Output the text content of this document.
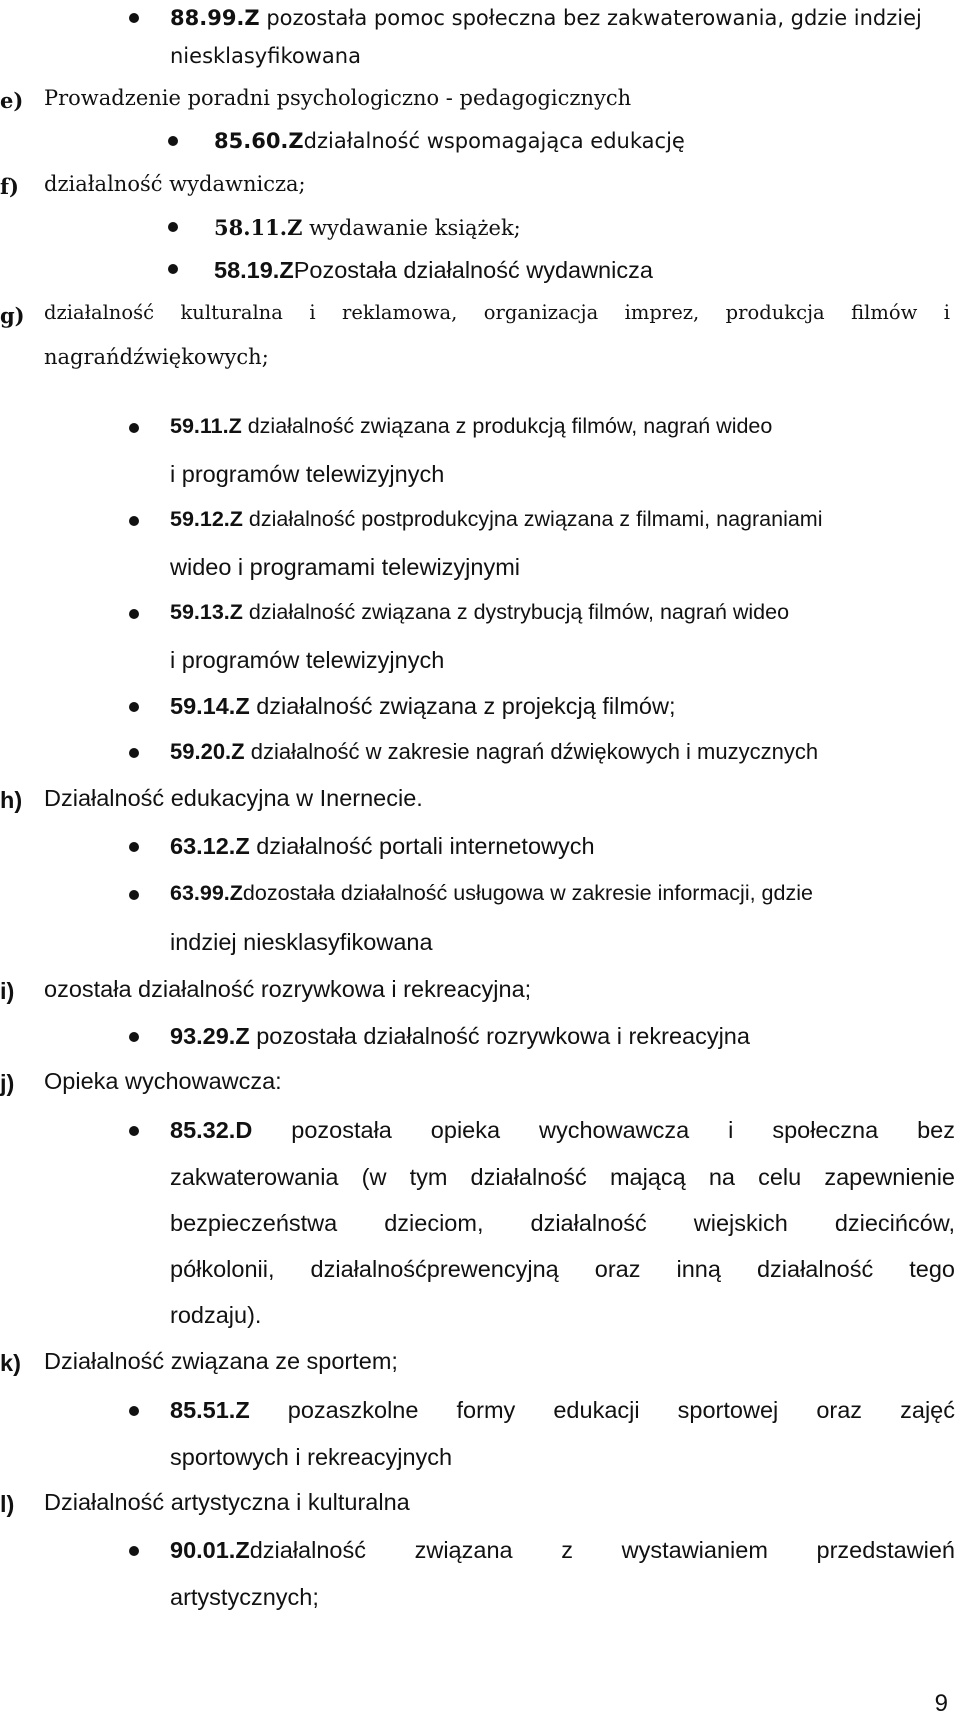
88.99.Z pozostała pomoc społeczna bez zakwaterowania, gdzie indziej
niesklasyfikowana
e) Prowadzenie poradni psychologiczno - pedagogicznych
85.60.Zdziałalność wspomagająca edukację
f) działalność wydawnicza;
58.11.Z wydawanie książek;
58.19.ZPozostała działalność wydawnicza
g) działalność kulturalna i reklamowa, organizacja imprez, produkcja filmów i
nagrańdźwiękowych;
59.11.Z działalność związana z produkcją filmów, nagrań wideo
i programów telewizyjnych
59.12.Z działalność postprodukcyjna związana z filmami, nagraniami
wideo i programami telewizyjnymi
59.13.Z działalność związana z dystrybucją filmów, nagrań wideo
i programów telewizyjnych
59.14.Z działalność związana z projekcją filmów;
59.20.Z działalność w zakresie nagrań dźwiękowych i muzycznych
h) Działalność edukacyjna w Inernecie.
63.12.Z działalność portali internetowych
63.99.Zdozostała działalność usługowa w zakresie informacji, gdzie
indziej niesklasyfikowana
i) ozostała działalność rozrywkowa i rekreacyjna;
93.29.Z pozostała działalność rozrywkowa i rekreacyjna
j) Opieka wychowawcza:
85.32.D pozostała opieka wychowawcza i społeczna bez
zakwaterowania (w tym działalność mającą na celu zapewnienie
bezpieczeństwa dzieciom, działalność wiejskich dziecińców,
półkolonii, działalnośćprewencyjną oraz inną działalność tego
rodzaju).
k) Działalność związana ze sportem;
85.51.Z pozaszkolne formy edukacji sportowej oraz zajęć
sportowych i rekreacyjnych
l) Działalność artystyczna i kulturalna
90.01.Zdziałalność związana z wystawianiem przedstawień
artystycznych;
9
